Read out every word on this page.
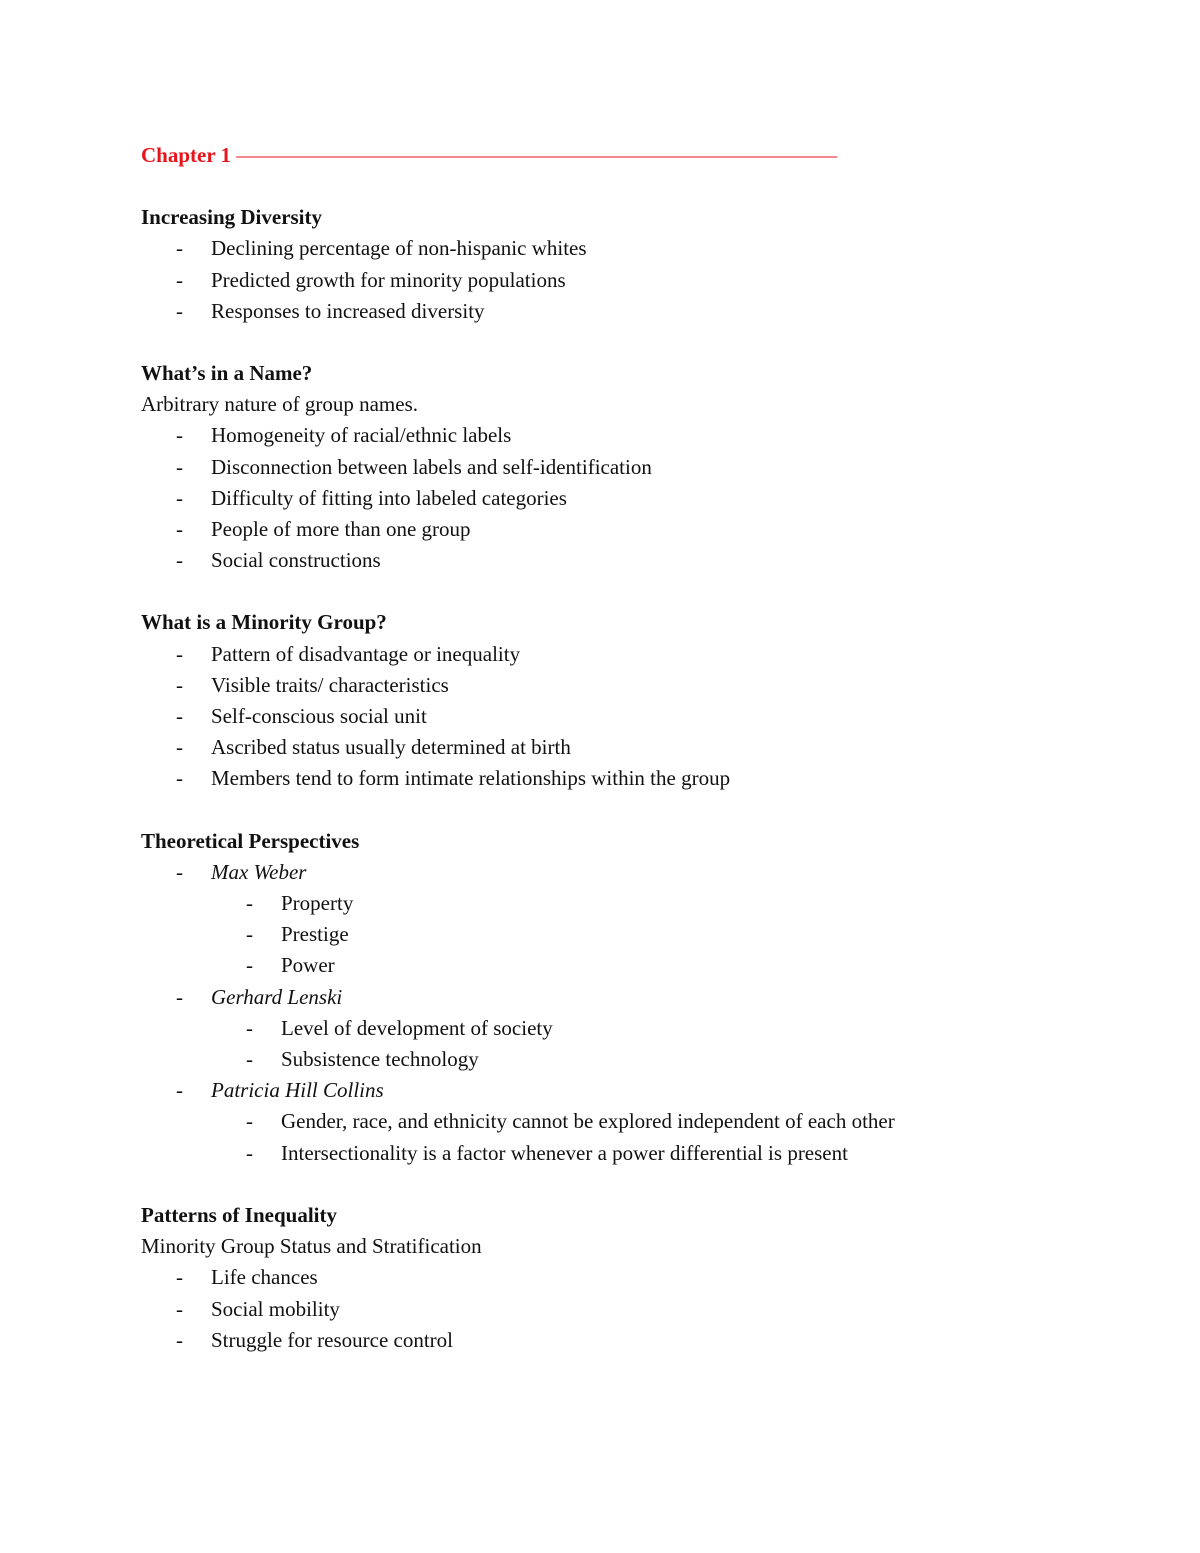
Chapter 1 ——————————————————————————————
Increasing Diversity
- Declining percentage of non-hispanic whites
- Predicted growth for minority populations
- Responses to increased diversity
What’s in a Name?
Arbitrary nature of group names.
- Homogeneity of racial/ethnic labels
- Disconnection between labels and self-identification
- Difficulty of fitting into labeled categories
- People of more than one group
- Social constructions
What is a Minority Group?
- Pattern of disadvantage or inequality
- Visible traits/ characteristics
- Self-conscious social unit
- Ascribed status usually determined at birth
- Members tend to form intimate relationships within the group
Theoretical Perspectives
- Max Weber
- Property
- Prestige
- Power
- Gerhard Lenski
- Level of development of society
- Subsistence technology
- Patricia Hill Collins
- Gender, race, and ethnicity cannot be explored independent of each other
- Intersectionality is a factor whenever a power differential is present
Patterns of Inequality
Minority Group Status and Stratification
- Life chances
- Social mobility
- Struggle for resource control
